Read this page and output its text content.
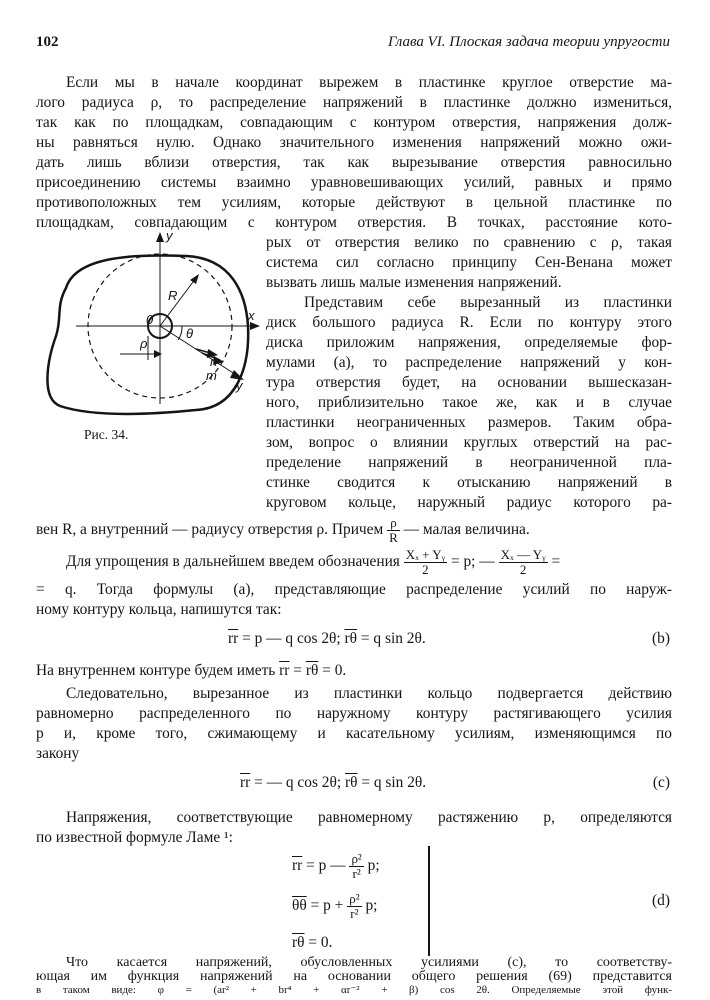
102	Глава VI. Плоская задача теории упругости
Если мы в начале координат вырежем в пластинке круглое отверстие ма-
лого радиуса ρ, то распределение напряжений в пластинке должно измениться,
так как по площадкам, совпадающим с контуром отверстия, напряжения долж-
ны равняться нулю. Однако значительного изменения напряжений можно ожи-
дать лишь вблизи отверстия, так как вырезывание отверстия равносильно
присоединению системы взаимно уравновешивающих усилий, равных и прямо
противоположных тем усилиям, которые действуют в цельной пластинке по
площадкам, совпадающим с контуром отверстия. В точках, расстояние кото-
рых от отверстия велико по сравнению с ρ, такая
система сил согласно принципу Сен-Венана может
вызвать лишь малые изменения напряжений.
y
x
0
R
ρ
θ
n
m
y
Рис. 34.
Представим себе вырезанный из пластинки
диск большого радиуса R. Если по контуру этого
диска приложим напряжения, определяемые фор-
мулами (a), то распределение напряжений у кон-
тура отверстия будет, на основании вышесказан-
ного, приблизительно такое же, как и в случае
пластинки неограниченных размеров. Таким обра-
зом, вопрос о влиянии круглых отверстий на рас-
пределение напряжений в неограниченной пла-
стинке сводится к отысканию напряжений в
круговом кольце, наружный радиус которого ра-
вен R, а внутренний — радиусу отверстия ρ. Причем $\frac{\rho}{R}$ — малая величина.
Для упрощения в дальнейшем введем обозначения $\frac{\text{Xₓ + Yᵧ}}{2} = p$; — $\frac{\text{Xₓ — Yᵧ}}{2}$ =
= q. Тогда формулы (a), представляющие распределение усилий по наруж-
ному контуру кольца, напишутся так:
$\overline{rr} = p$ — q cos 2θ; $\overline{r\theta} = q$ sin 2θ.	(b)
На внутреннем контуре будем иметь $\overline{rr} = \overline{r\theta} = 0$.
Следовательно, вырезанное из пластинки кольцо подвергается действию
равномерно распределенного по наружному контуру растягивающего усилия
p и, кроме того, сжимающему и касательному усилиям, изменяющимся по
закону
$\overline{rr}$ = — q cos 2θ; $\overline{r\theta} = q$ sin 2θ.	(c)
Напряжения, соответствующие равномерному растяжению p, определяются
по известной формуле Ламе ¹:
$\overline{rr} = p$ — $\frac{\text{ρ²}}{\text{r²}} p$;
$\overline{\theta\theta} = p + \frac{\text{ρ²}}{\text{r²}} p$;
$\overline{r\theta} = 0$.
(d)
Что касается напряжений, обусловленных усилиями (c), то соответству-
ющая им функция напряжений на основании общего решения (69) представится
в таком виде: φ = (ar² + br⁴ + αr⁻² + β) cos 2θ. Определяемые этой функ-
